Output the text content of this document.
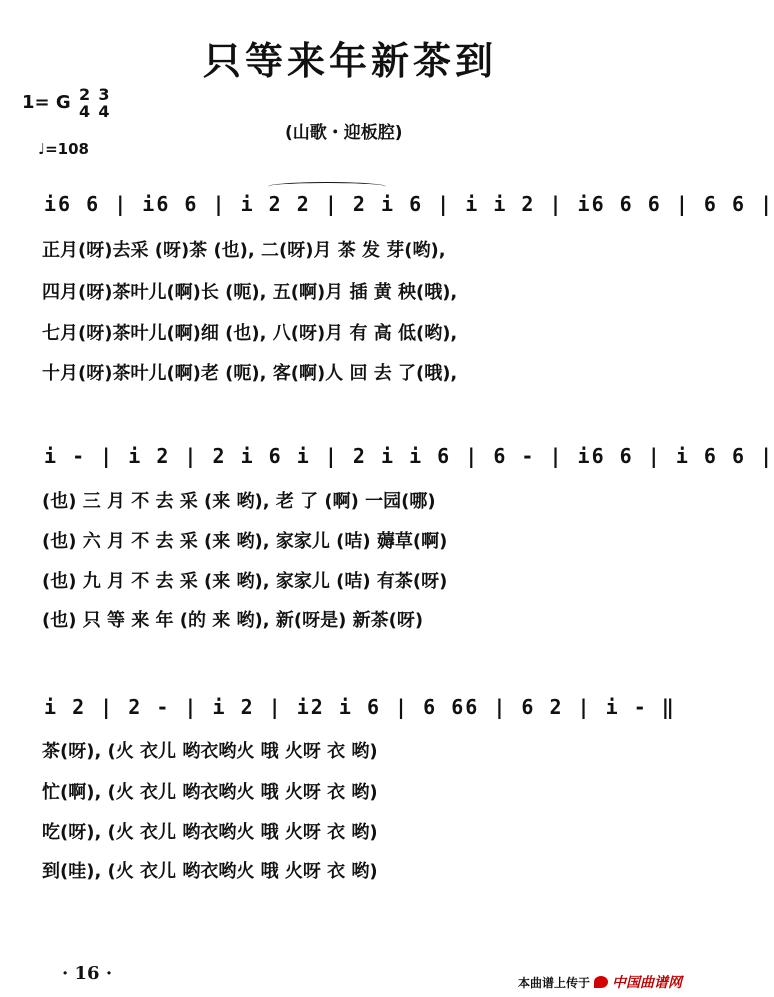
只等来年新茶到
1= G 2
4 3
4
♩=108
(山歌・迎板腔)
i6 6 | i6 6 | i 2 2 | 2 i 6 | i i 2 | i6 6 6 | 6 6 |
正月(呀)去采 (呀)茶 (也), 二(呀)月 茶 发 芽(哟),
四月(呀)茶叶儿(啊)长 (呃), 五(啊)月 插 黄 秧(哦),
七月(呀)茶叶儿(啊)细 (也), 八(呀)月 有 高 低(哟),
十月(呀)茶叶儿(啊)老 (呃), 客(啊)人 回 去 了(哦),
i - | i 2 | 2 i 6 i | 2 i i 6 | 6 - | i6 6 | i 6 6 |
(也) 三 月 不 去 采 (来 哟), 老 了 (啊) 一园(哪)
(也) 六 月 不 去 采 (来 哟), 家家儿 (咭) 薅草(啊)
(也) 九 月 不 去 采 (来 哟), 家家儿 (咭) 有茶(呀)
(也) 只 等 来 年 (的 来 哟), 新(呀是) 新茶(呀)
i 2 | 2 - | i 2 | i2 i 6 | 6 66 | 6 2 | i - ‖
茶(呀), (火 衣儿 哟衣哟火 哦 火呀 衣 哟)
忙(啊), (火 衣儿 哟衣哟火 哦 火呀 衣 哟)
吃(呀), (火 衣儿 哟衣哟火 哦 火呀 衣 哟)
到(哇), (火 衣儿 哟衣哟火 哦 火呀 衣 哟)
· 16 ·	本曲谱上传于 中国曲谱网
